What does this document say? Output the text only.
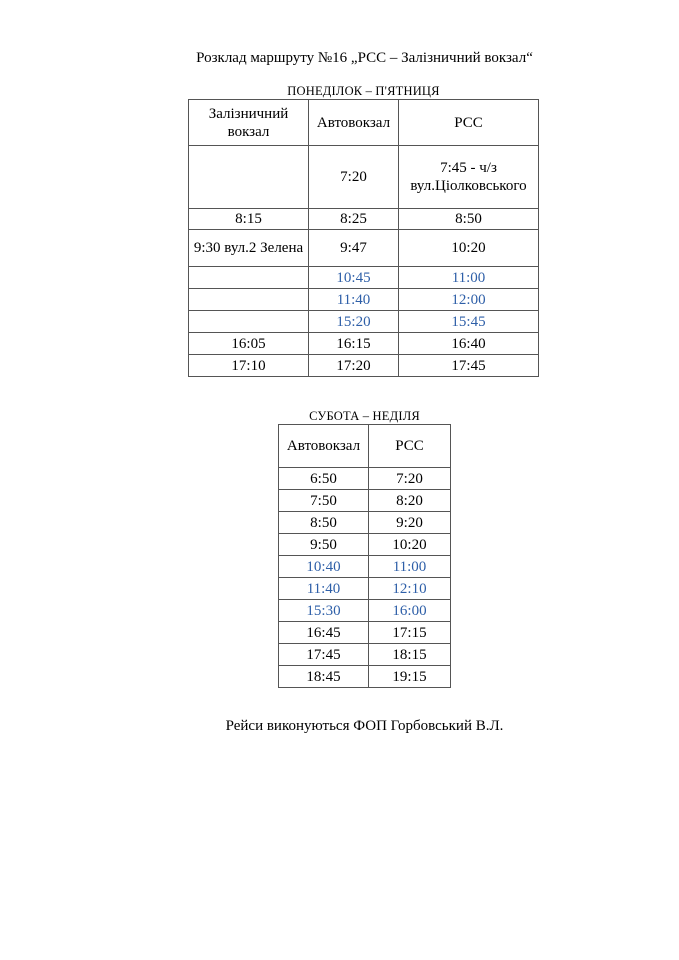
Розклад маршруту №16 „РСС – Залізничний вокзал“
ПОНЕДІЛОК – П'ЯТНИЦЯ
Залізничний вокзал	Автовокзал	РСС
	7:20	7:45 - ч/з вул.Ціолковського
8:15	8:25	8:50
9:30 вул.2 Зелена	9:47	10:20
	10:45	11:00
	11:40	12:00
	15:20	15:45
16:05	16:15	16:40
17:10	17:20	17:45
СУБОТА – НЕДІЛЯ
Автовокзал	РСС
6:50	7:20
7:50	8:20
8:50	9:20
9:50	10:20
10:40	11:00
11:40	12:10
15:30	16:00
16:45	17:15
17:45	18:15
18:45	19:15
Рейси виконуються ФОП Горбовський В.Л.
